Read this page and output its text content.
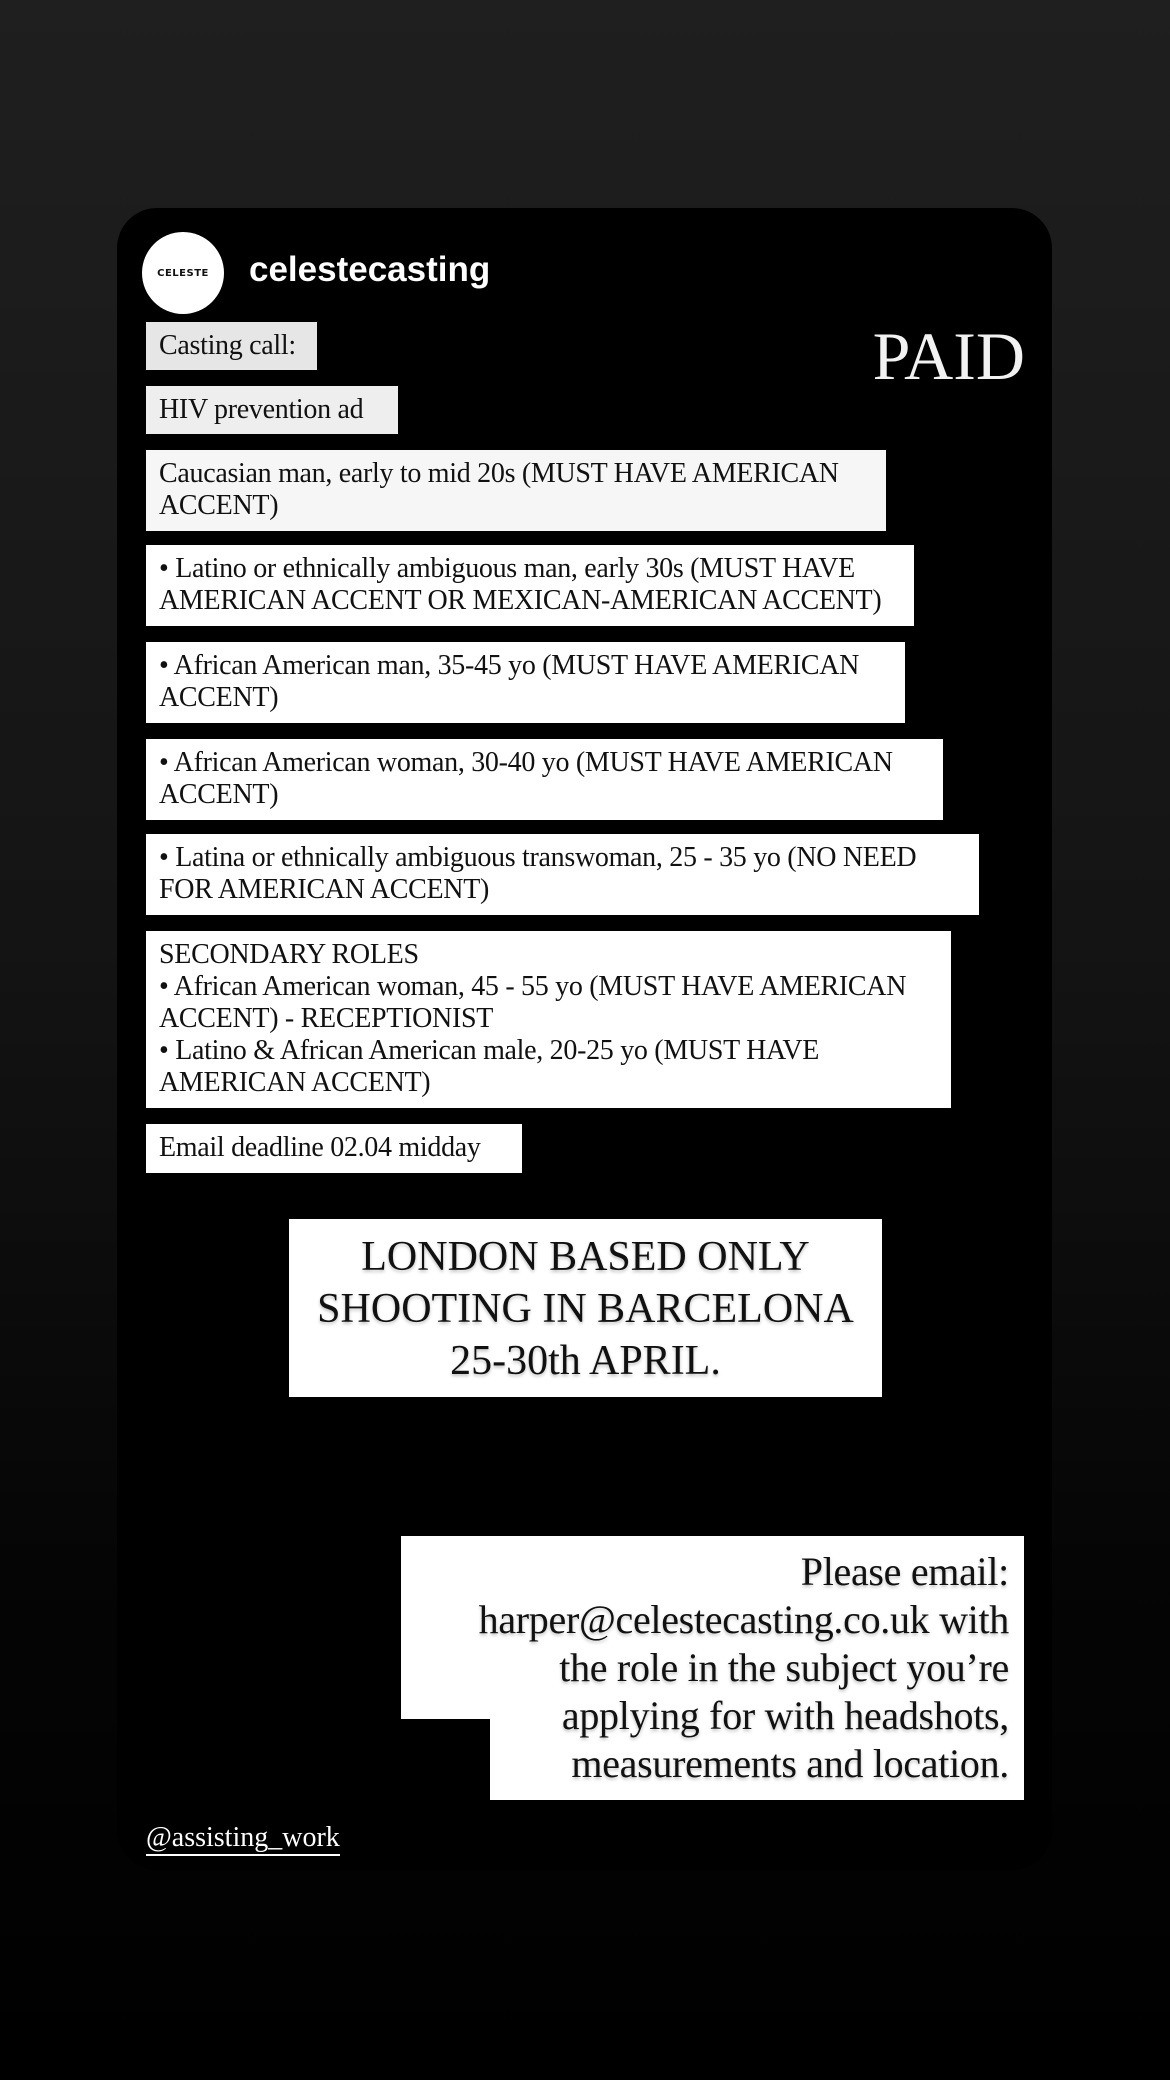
CELESTE celestecasting
PAID
Casting call:
HIV prevention ad
Caucasian man, early to mid 20s (MUST HAVE AMERICAN
ACCENT)
• Latino or ethnically ambiguous man, early 30s (MUST HAVE
AMERICAN ACCENT OR MEXICAN-AMERICAN ACCENT)
• African American man, 35-45 yo (MUST HAVE AMERICAN
ACCENT)
• African American woman, 30-40 yo (MUST HAVE AMERICAN
ACCENT)
• Latina or ethnically ambiguous transwoman, 25 - 35 yo (NO NEED
FOR AMERICAN ACCENT)
SECONDARY ROLES
• African American woman, 45 - 55 yo (MUST HAVE AMERICAN
ACCENT) - RECEPTIONIST
• Latino & African American male, 20-25 yo (MUST HAVE
AMERICAN ACCENT)
Email deadline 02.04 midday
LONDON BASED ONLY
SHOOTING IN BARCELONA
25-30th APRIL.
Please email:
harper@celestecasting.co.uk with
the role in the subject you’re
applying for with headshots,
measurements and location.
@assisting_work
